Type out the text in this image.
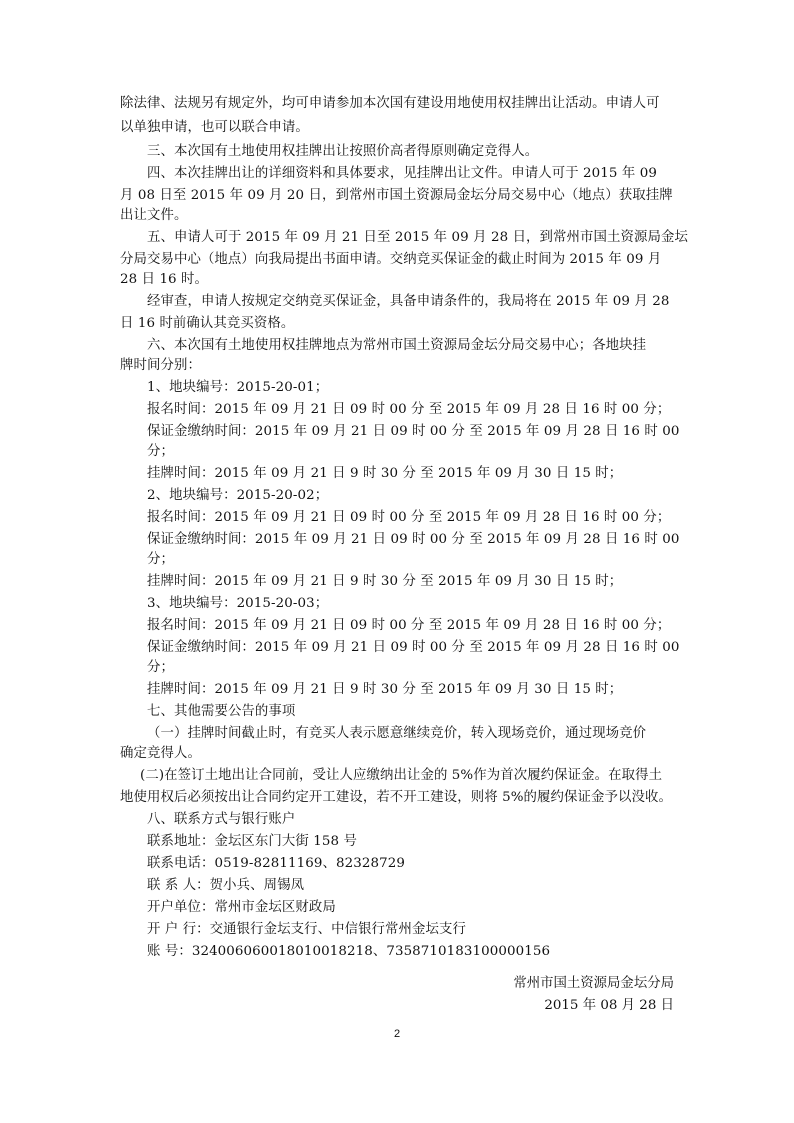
除法律、法规另有规定外，均可申请参加本次国有建设用地使用权挂牌出让活动。申请人可
以单独申请，也可以联合申请。
三、本次国有土地使用权挂牌出让按照价高者得原则确定竞得人。
四、本次挂牌出让的详细资料和具体要求，见挂牌出让文件。申请人可于 2015 年 09
月 08 日至 2015 年 09 月 20 日，到常州市国土资源局金坛分局交易中心（地点）获取挂牌
出让文件。
五、申请人可于 2015 年 09 月 21 日至 2015 年 09 月 28 日，到常州市国土资源局金坛
分局交易中心（地点）向我局提出书面申请。交纳竞买保证金的截止时间为 2015 年 09 月
28 日 16 时。
经审查，申请人按规定交纳竞买保证金，具备申请条件的，我局将在 2015 年 09 月 28
日 16 时前确认其竞买资格。
六、本次国有土地使用权挂牌地点为常州市国土资源局金坛分局交易中心；各地块挂
牌时间分别：
1、地块编号：2015-20-01；
报名时间：2015 年 09 月 21 日 09 时 00 分 至 2015 年 09 月 28 日 16 时 00 分；
保证金缴纳时间：2015 年 09 月 21 日 09 时 00 分 至 2015 年 09 月 28 日 16 时 00
分；
挂牌时间：2015 年 09 月 21 日 9 时 30 分 至 2015 年 09 月 30 日 15 时；
2、地块编号：2015-20-02；
报名时间：2015 年 09 月 21 日 09 时 00 分 至 2015 年 09 月 28 日 16 时 00 分；
保证金缴纳时间：2015 年 09 月 21 日 09 时 00 分 至 2015 年 09 月 28 日 16 时 00
分；
挂牌时间：2015 年 09 月 21 日 9 时 30 分 至 2015 年 09 月 30 日 15 时；
3、地块编号：2015-20-03；
报名时间：2015 年 09 月 21 日 09 时 00 分 至 2015 年 09 月 28 日 16 时 00 分；
保证金缴纳时间：2015 年 09 月 21 日 09 时 00 分 至 2015 年 09 月 28 日 16 时 00
分；
挂牌时间：2015 年 09 月 21 日 9 时 30 分 至 2015 年 09 月 30 日 15 时；
七、其他需要公告的事项
（一）挂牌时间截止时，有竞买人表示愿意继续竞价，转入现场竞价，通过现场竞价
确定竞得人。
(二)在签订土地出让合同前，受让人应缴纳出让金的 5%作为首次履约保证金。在取得土
地使用权后必须按出让合同约定开工建设，若不开工建设，则将 5%的履约保证金予以没收。
八、联系方式与银行账户
联系地址：金坛区东门大街 158 号
联系电话：0519-82811169、82328729
联 系 人：贺小兵、周锡凤
开户单位：常州市金坛区财政局
开 户 行：交通银行金坛支行、中信银行常州金坛支行
账 号：32400606001801001821​8、7358710183100000156
常州市国土资源局金坛分局
2015 年 08 月 28 日
2
